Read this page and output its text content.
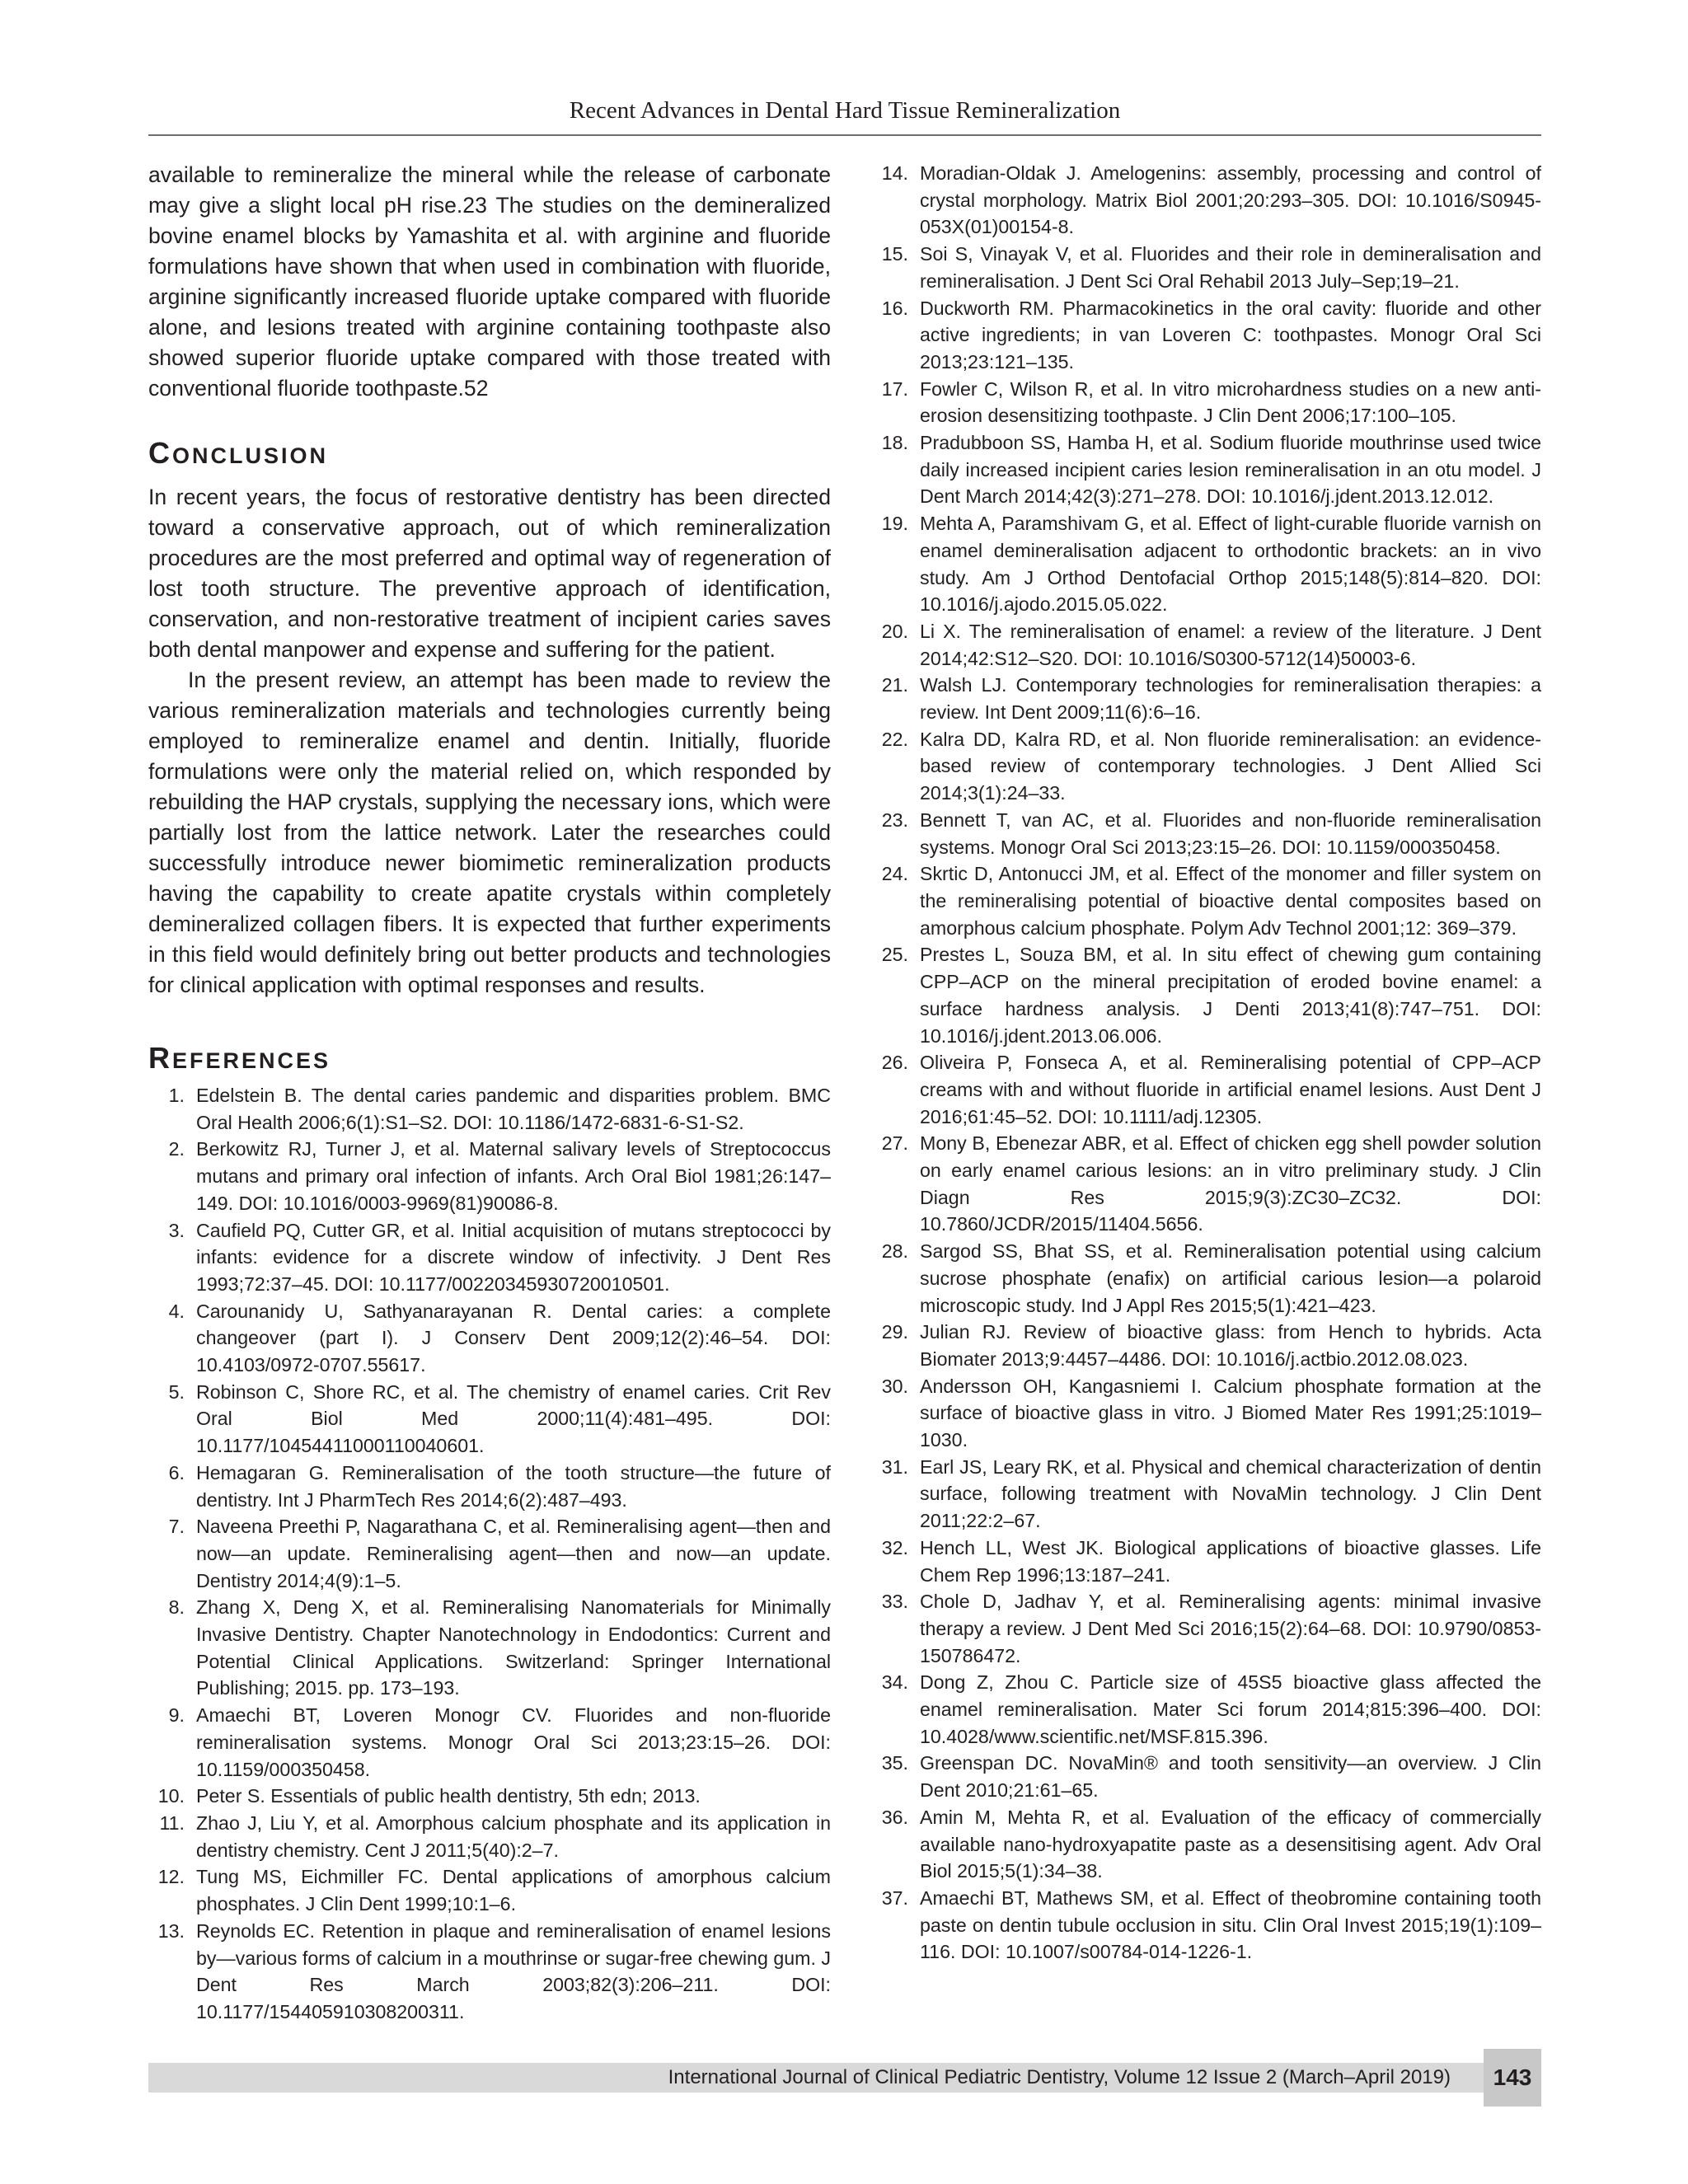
Recent Advances in Dental Hard Tissue Remineralization

available to remineralize the mineral while the release of carbonate may give a slight local pH rise.23 The studies on the demineralized bovine enamel blocks by Yamashita et al. with arginine and fluoride formulations have shown that when used in combination with fluoride, arginine significantly increased fluoride uptake compared with fluoride alone, and lesions treated with arginine containing toothpaste also showed superior fluoride uptake compared with those treated with conventional fluoride toothpaste.52

CONCLUSION

In recent years, the focus of restorative dentistry has been directed toward a conservative approach, out of which remineralization procedures are the most preferred and optimal way of regeneration of lost tooth structure. The preventive approach of identification, conservation, and non-restorative treatment of incipient caries saves both dental manpower and expense and suffering for the patient.

In the present review, an attempt has been made to review the various remineralization materials and technologies currently being employed to remineralize enamel and dentin. Initially, fluoride formulations were only the material relied on, which responded by rebuilding the HAP crystals, supplying the necessary ions, which were partially lost from the lattice network. Later the researches could successfully introduce newer biomimetic remineralization products having the capability to create apatite crystals within completely demineralized collagen fibers. It is expected that further experiments in this field would definitely bring out better products and technologies for clinical application with optimal responses and results.

REFERENCES
1. Edelstein B. The dental caries pandemic and disparities problem. BMC Oral Health 2006;6(1):S1–S2. DOI: 10.1186/1472-6831-6-S1-S2.
2. Berkowitz RJ, Turner J, et al. Maternal salivary levels of Streptococcus mutans and primary oral infection of infants. Arch Oral Biol 1981;26:147–149. DOI: 10.1016/0003-9969(81)90086-8.
3. Caufield PQ, Cutter GR, et al. Initial acquisition of mutans streptococci by infants: evidence for a discrete window of infectivity. J Dent Res 1993;72:37–45. DOI: 10.1177/00220345930720010501.
4. Carounanidy U, Sathyanarayanan R. Dental caries: a complete changeover (part I). J Conserv Dent 2009;12(2):46–54. DOI: 10.4103/0972-0707.55617.
5. Robinson C, Shore RC, et al. The chemistry of enamel caries. Crit Rev Oral Biol Med 2000;11(4):481–495. DOI: 10.1177/10454411000110040601.
6. Hemagaran G. Remineralisation of the tooth structure—the future of dentistry. Int J PharmTech Res 2014;6(2):487–493.
7. Naveena Preethi P, Nagarathana C, et al. Remineralising agent—then and now—an update. Remineralising agent—then and now—an update. Dentistry 2014;4(9):1–5.
8. Zhang X, Deng X, et al. Remineralising Nanomaterials for Minimally Invasive Dentistry. Chapter Nanotechnology in Endodontics: Current and Potential Clinical Applications. Switzerland: Springer International Publishing; 2015. pp. 173–193.
9. Amaechi BT, Loveren Monogr CV. Fluorides and non-fluoride remineralisation systems. Monogr Oral Sci 2013;23:15–26. DOI: 10.1159/000350458.
10. Peter S. Essentials of public health dentistry, 5th edn; 2013.
11. Zhao J, Liu Y, et al. Amorphous calcium phosphate and its application in dentistry chemistry. Cent J 2011;5(40):2–7.
12. Tung MS, Eichmiller FC. Dental applications of amorphous calcium phosphates. J Clin Dent 1999;10:1–6.
13. Reynolds EC. Retention in plaque and remineralisation of enamel lesions by—various forms of calcium in a mouthrinse or sugar-free chewing gum. J Dent Res March 2003;82(3):206–211. DOI: 10.1177/154405910308200311.
14. Moradian-Oldak J. Amelogenins: assembly, processing and control of crystal morphology. Matrix Biol 2001;20:293–305. DOI: 10.1016/S0945-053X(01)00154-8.
15. Soi S, Vinayak V, et al. Fluorides and their role in demineralisation and remineralisation. J Dent Sci Oral Rehabil 2013 July–Sep;19–21.
16. Duckworth RM. Pharmacokinetics in the oral cavity: fluoride and other active ingredients; in van Loveren C: toothpastes. Monogr Oral Sci 2013;23:121–135.
17. Fowler C, Wilson R, et al. In vitro microhardness studies on a new anti-erosion desensitizing toothpaste. J Clin Dent 2006;17:100–105.
18. Pradubboon SS, Hamba H, et al. Sodium fluoride mouthrinse used twice daily increased incipient caries lesion remineralisation in an otu model. J Dent March 2014;42(3):271–278. DOI: 10.1016/j.jdent.2013.12.012.
19. Mehta A, Paramshivam G, et al. Effect of light-curable fluoride varnish on enamel demineralisation adjacent to orthodontic brackets: an in vivo study. Am J Orthod Dentofacial Orthop 2015;148(5):814–820. DOI: 10.1016/j.ajodo.2015.05.022.
20. Li X. The remineralisation of enamel: a review of the literature. J Dent 2014;42:S12–S20. DOI: 10.1016/S0300-5712(14)50003-6.
21. Walsh LJ. Contemporary technologies for remineralisation therapies: a review. Int Dent 2009;11(6):6–16.
22. Kalra DD, Kalra RD, et al. Non fluoride remineralisation: an evidence-based review of contemporary technologies. J Dent Allied Sci 2014;3(1):24–33.
23. Bennett T, van AC, et al. Fluorides and non-fluoride remineralisation systems. Monogr Oral Sci 2013;23:15–26. DOI: 10.1159/000350458.
24. Skrtic D, Antonucci JM, et al. Effect of the monomer and filler system on the remineralising potential of bioactive dental composites based on amorphous calcium phosphate. Polym Adv Technol 2001;12: 369–379.
25. Prestes L, Souza BM, et al. In situ effect of chewing gum containing CPP–ACP on the mineral precipitation of eroded bovine enamel: a surface hardness analysis. J Denti 2013;41(8):747–751. DOI: 10.1016/j.jdent.2013.06.006.
26. Oliveira P, Fonseca A, et al. Remineralising potential of CPP–ACP creams with and without fluoride in artificial enamel lesions. Aust Dent J 2016;61:45–52. DOI: 10.1111/adj.12305.
27. Mony B, Ebenezar ABR, et al. Effect of chicken egg shell powder solution on early enamel carious lesions: an in vitro preliminary study. J Clin Diagn Res 2015;9(3):ZC30–ZC32. DOI: 10.7860/JCDR/2015/11404.5656.
28. Sargod SS, Bhat SS, et al. Remineralisation potential using calcium sucrose phosphate (enafix) on artificial carious lesion—a polaroid microscopic study. Ind J Appl Res 2015;5(1):421–423.
29. Julian RJ. Review of bioactive glass: from Hench to hybrids. Acta Biomater 2013;9:4457–4486. DOI: 10.1016/j.actbio.2012.08.023.
30. Andersson OH, Kangasniemi I. Calcium phosphate formation at the surface of bioactive glass in vitro. J Biomed Mater Res 1991;25:1019–1030.
31. Earl JS, Leary RK, et al. Physical and chemical characterization of dentin surface, following treatment with NovaMin technology. J Clin Dent 2011;22:2–67.
32. Hench LL, West JK. Biological applications of bioactive glasses. Life Chem Rep 1996;13:187–241.
33. Chole D, Jadhav Y, et al. Remineralising agents: minimal invasive therapy a review. J Dent Med Sci 2016;15(2):64–68. DOI: 10.9790/0853-150786472.
34. Dong Z, Zhou C. Particle size of 45S5 bioactive glass affected the enamel remineralisation. Mater Sci forum 2014;815:396–400. DOI: 10.4028/www.scientific.net/MSF.815.396.
35. Greenspan DC. NovaMin® and tooth sensitivity—an overview. J Clin Dent 2010;21:61–65.
36. Amin M, Mehta R, et al. Evaluation of the efficacy of commercially available nano-hydroxyapatite paste as a desensitising agent. Adv Oral Biol 2015;5(1):34–38.
37. Amaechi BT, Mathews SM, et al. Effect of theobromine containing tooth paste on dentin tubule occlusion in situ. Clin Oral Invest 2015;19(1):109–116. DOI: 10.1007/s00784-014-1226-1.
International Journal of Clinical Pediatric Dentistry, Volume 12 Issue 2 (March–April 2019)	143
